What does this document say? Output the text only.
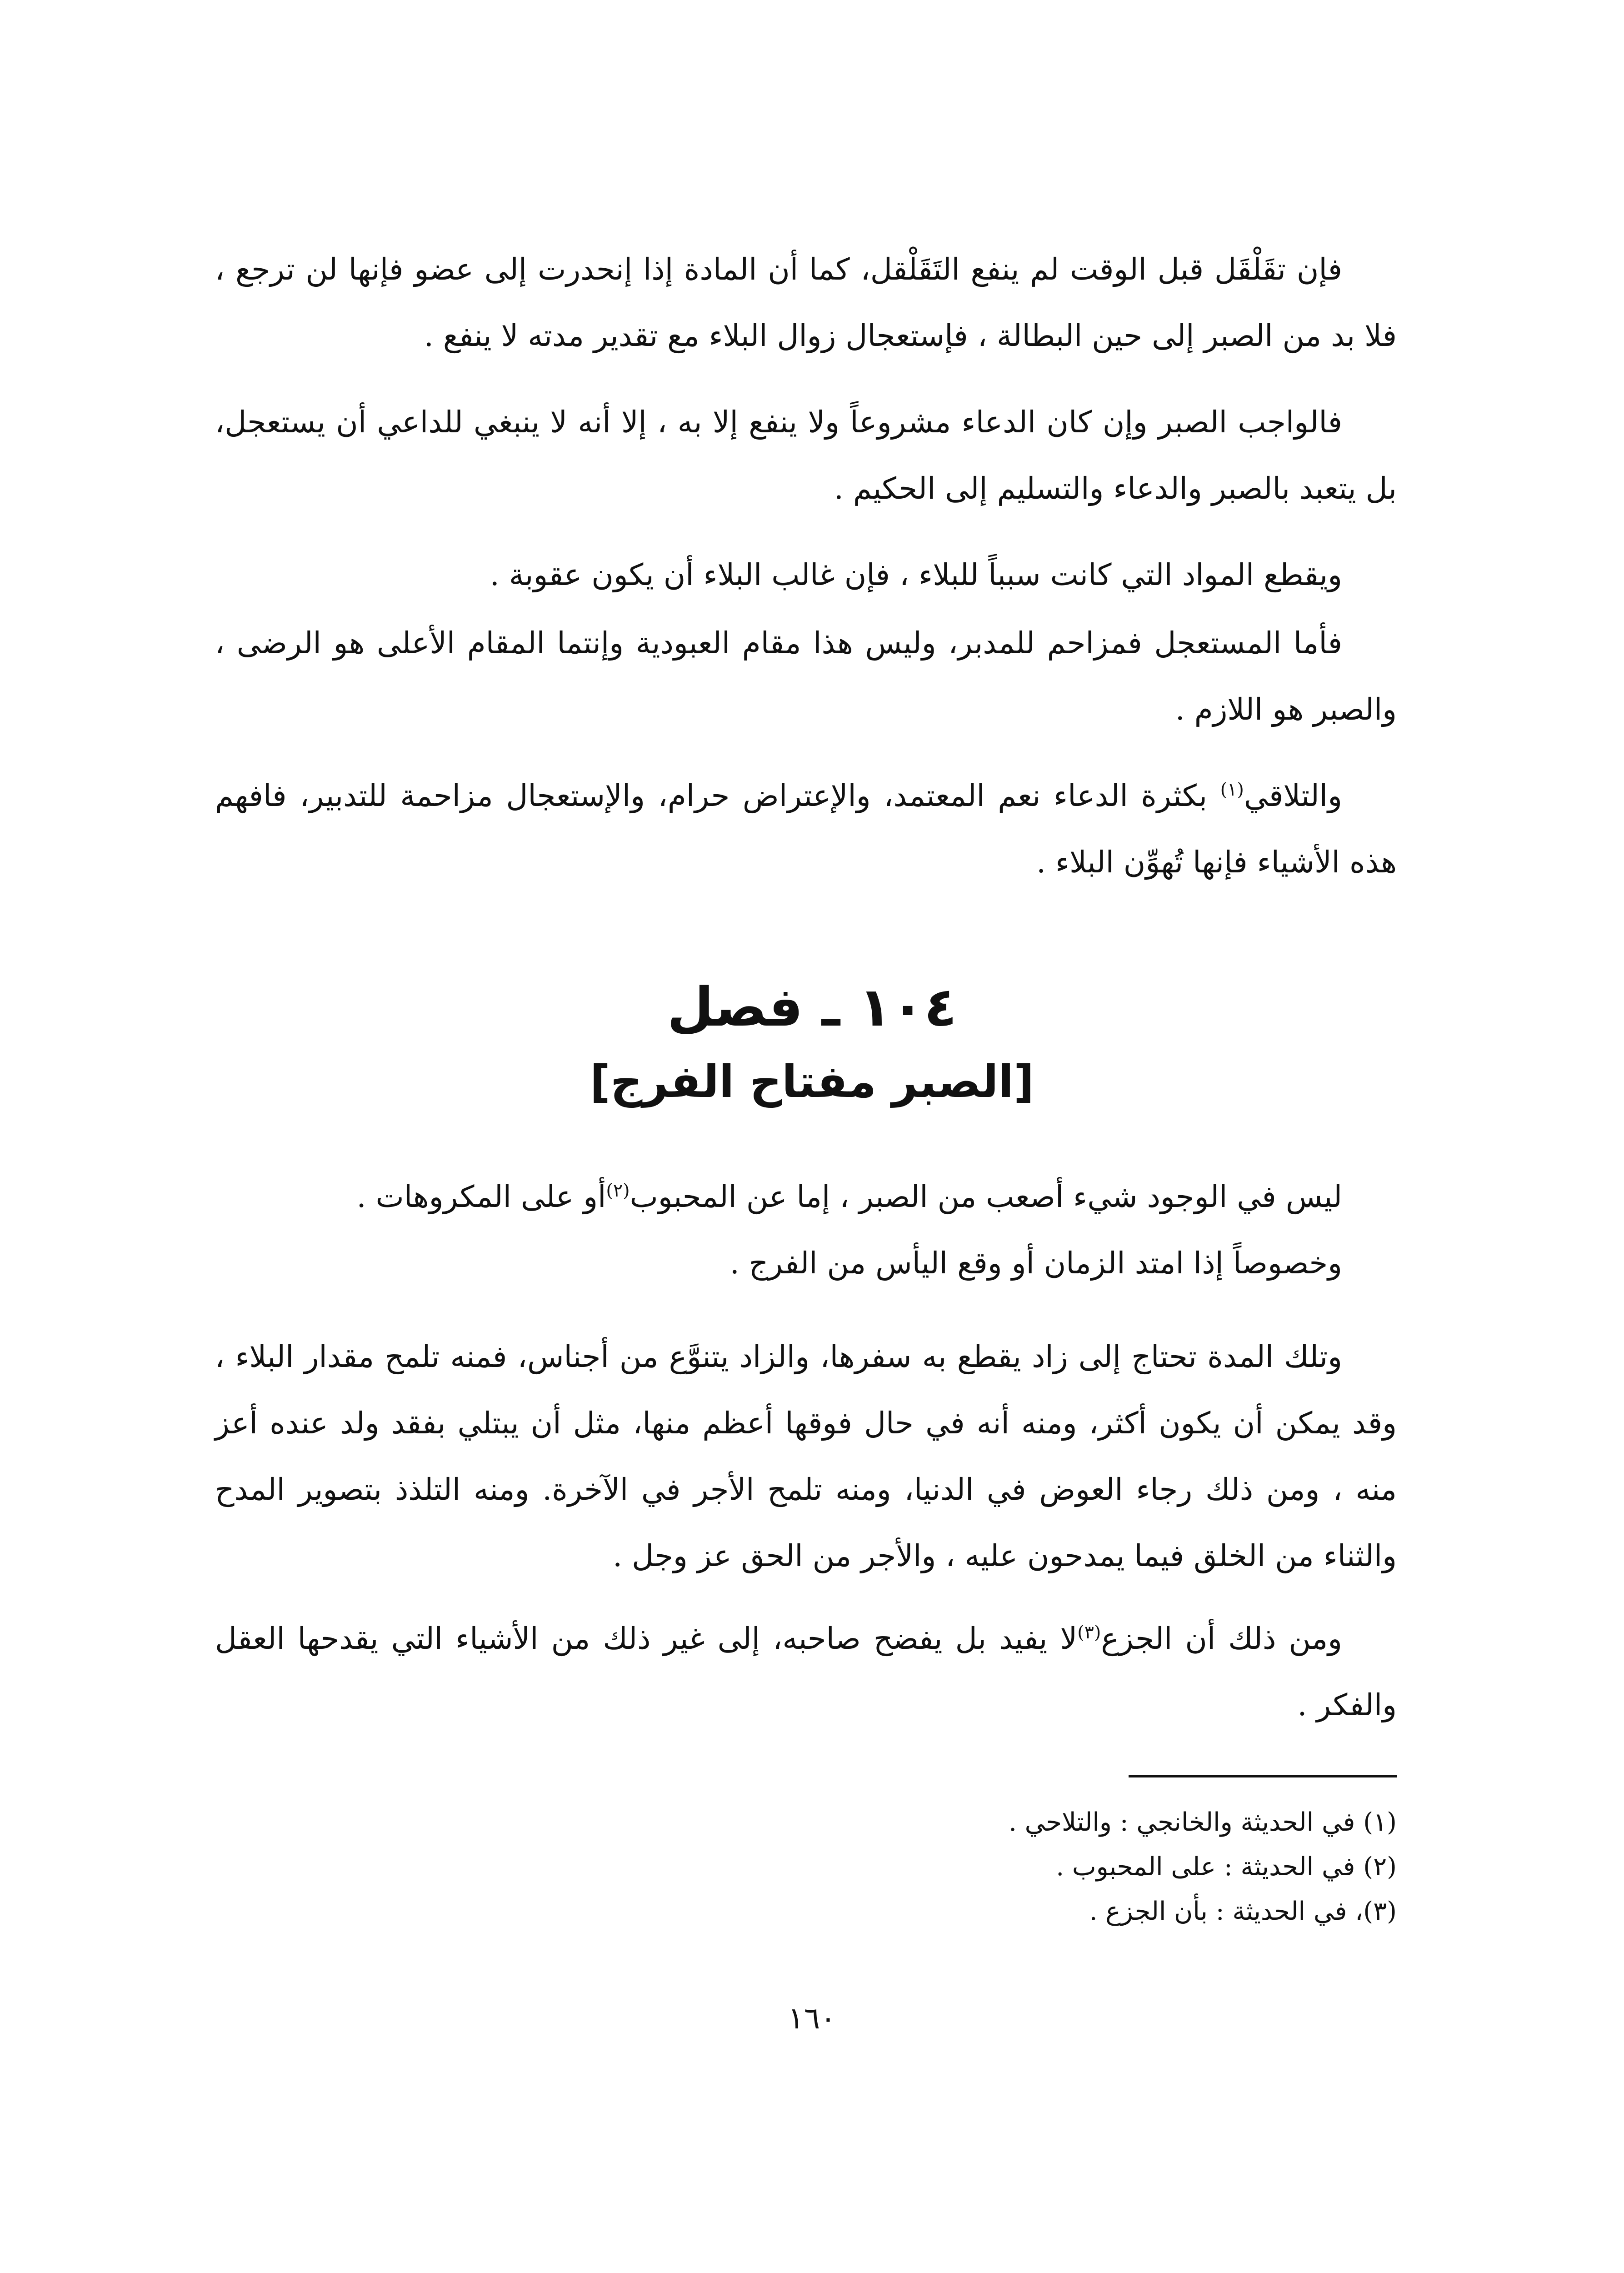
فإن تقَلْقَل قبل الوقت لم ينفع التَقَلْقل، كما أن المادة إذا إنحدرت إلى عضو فإنها لن ترجع ، فلا بد من الصبر إلى حين البطالة ، فإستعجال زوال البلاء مع تقدير مدته لا ينفع .

فالواجب الصبر وإن كان الدعاء مشروعاً ولا ينفع إلا به ، إلا أنه لا ينبغي للداعي أن يستعجل، بل يتعبد بالصبر والدعاء والتسليم إلى الحكيم .

ويقطع المواد التي كانت سبباً للبلاء ، فإن غالب البلاء أن يكون عقوبة .

فأما المستعجل فمزاحم للمدبر، وليس هذا مقام العبودية وإنتما المقام الأعلى هو الرضى ، والصبر هو اللازم .

والتلاقي$^{(١)}$ بكثرة الدعاء نعم المعتمد، والإعتراض حرام، والإستعجال مزاحمة للتدبير، فافهم هذه الأشياء فإنها تُهوِّن البلاء .

١٠٤ ـ فصل
[الصبر مفتاح الفرج]

ليس في الوجود شيء أصعب من الصبر ، إما عن المحبوب$^{(٢)}$أو على المكروهات .

وخصوصاً إذا امتد الزمان أو وقع اليأس من الفرج .

وتلك المدة تحتاج إلى زاد يقطع به سفرها، والزاد يتنوَّع من أجناس، فمنه تلمح مقدار البلاء ، وقد يمكن أن يكون أكثر، ومنه أنه في حال فوقها أعظم منها، مثل أن يبتلي بفقد ولد عنده أعز منه ، ومن ذلك رجاء العوض في الدنيا، ومنه تلمح الأجر في الآخرة. ومنه التلذذ بتصوير المدح والثناء من الخلق فيما يمدحون عليه ، والأجر من الحق عز وجل .

ومن ذلك أن الجزع$^{(٣)}$لا يفيد بل يفضح صاحبه، إلى غير ذلك من الأشياء التي يقدحها العقل والفكر .

(١) في الحديثة والخانجي : والتلاحي .

(٢) في الحديثة : على المحبوب .

(٣)، في الحديثة : بأن الجزع .

١٦٠
